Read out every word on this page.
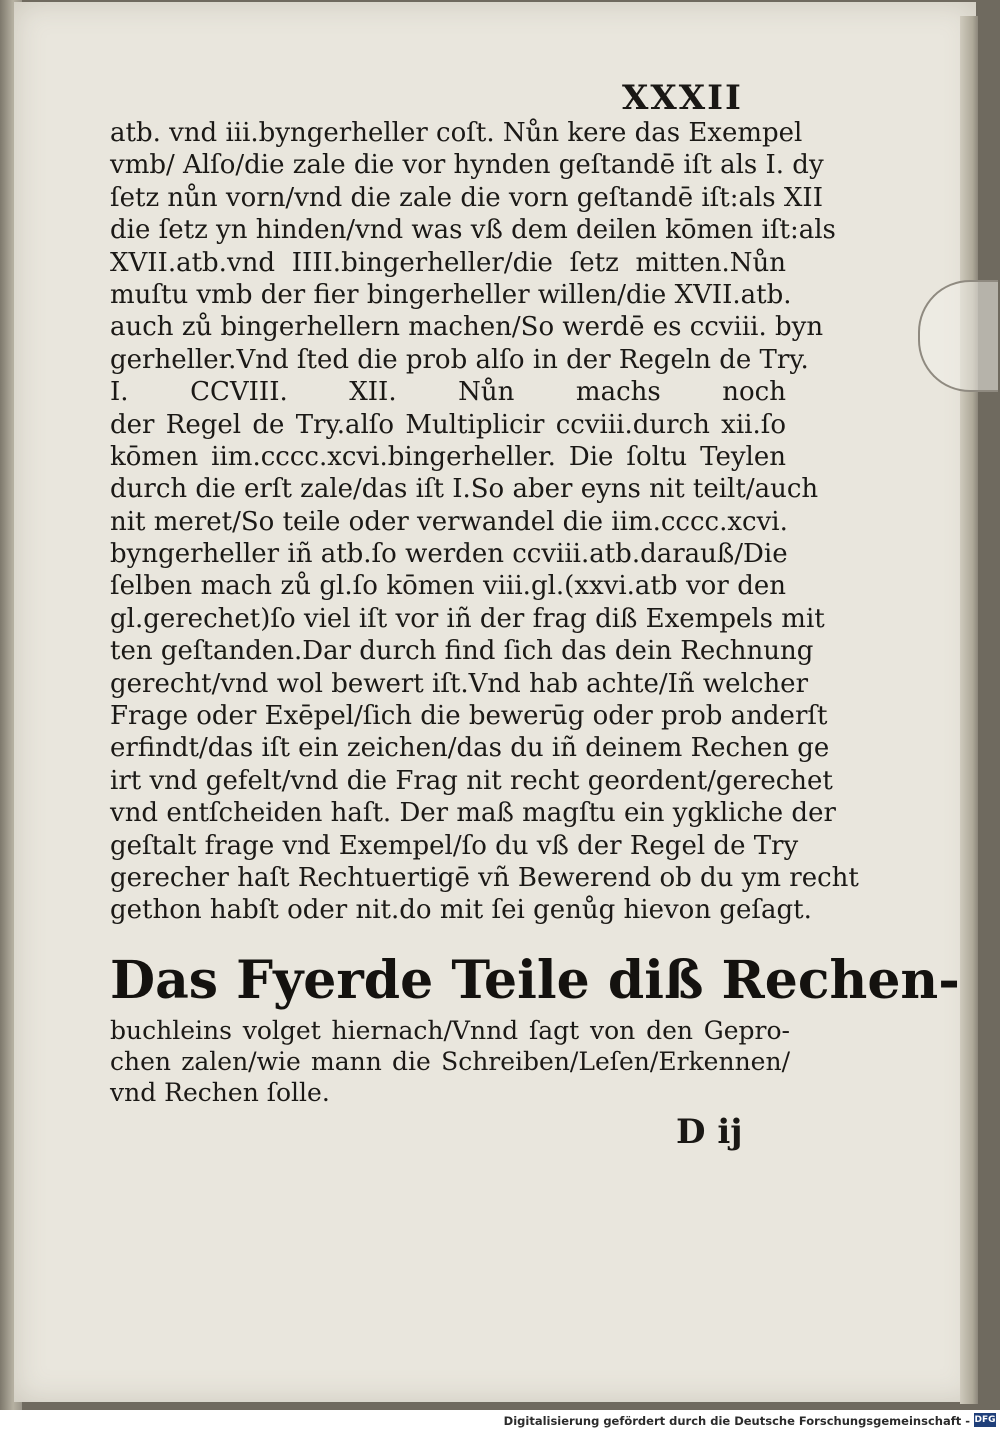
XXXII
atb. vnd iii.byngerheller coſt. Nůn kere das Exempel
vmb/ Alſo/die zale die vor hynden geſtandē iſt als I. dy
ſetz nůn vorn/vnd die zale die vorn geſtandē iſt:als XII
die ſetz yn hinden/vnd was vß dem deilen kōmen iſt:als
XVII.atb.vnd IIII.bingerheller/die ſetz mitten.Nůn
muſtu vmb der fier bingerheller willen/die XVII.atb.
auch zů bingerhellern machen/So werdē es ccviii. byn
gerheller.Vnd ſted die prob alſo in der Regeln de Try.
I. CCVIII. XII. Nůn machs noch
der Regel de Try.alſo Multiplicir ccviii.durch xii.ſo
kōmen iim.cccc.xcvi.bingerheller. Die ſoltu Teylen
durch die erſt zale/das iſt I.So aber eyns nit teilt/auch
nit meret/So teile oder verwandel die iim.cccc.xcvi.
byngerheller iñ atb.ſo werden ccviii.atb.darauß/Die
ſelben mach zů gl.ſo kōmen viii.gl.(xxvi.atb vor den
gl.gerechet)ſo viel iſt vor iñ der frag diß Exempels mit
ten geſtanden.Dar durch find ſich das dein Rechnung
gerecht/vnd wol bewert iſt.Vnd hab achte/Iñ welcher
Frage oder Exēpel/ſich die bewerūg oder prob anderſt
erfindt/das iſt ein zeichen/das du iñ deinem Rechen ge
irt vnd gefelt/vnd die Frag nit recht geordent/gerechet
vnd entſcheiden haſt. Der maß magſtu ein ygkliche der
geſtalt frage vnd Exempel/ſo du vß der Regel de Try
gerecher haſt Rechtuertigē vñ Bewerend ob du ym recht
gethon habſt oder nit.do mit ſei genůg hievon geſagt.
Das Fyerde Teile diß Rechen-
buchleins volget hiernach/Vnnd ſagt von den Gepro-
chen zalen/wie mann die Schreiben/Leſen/Erkennen/
vnd Rechen ſolle.
D ij
Digitalisierung gefördert durch die Deutsche Forschungsgemeinschaft - DFG
